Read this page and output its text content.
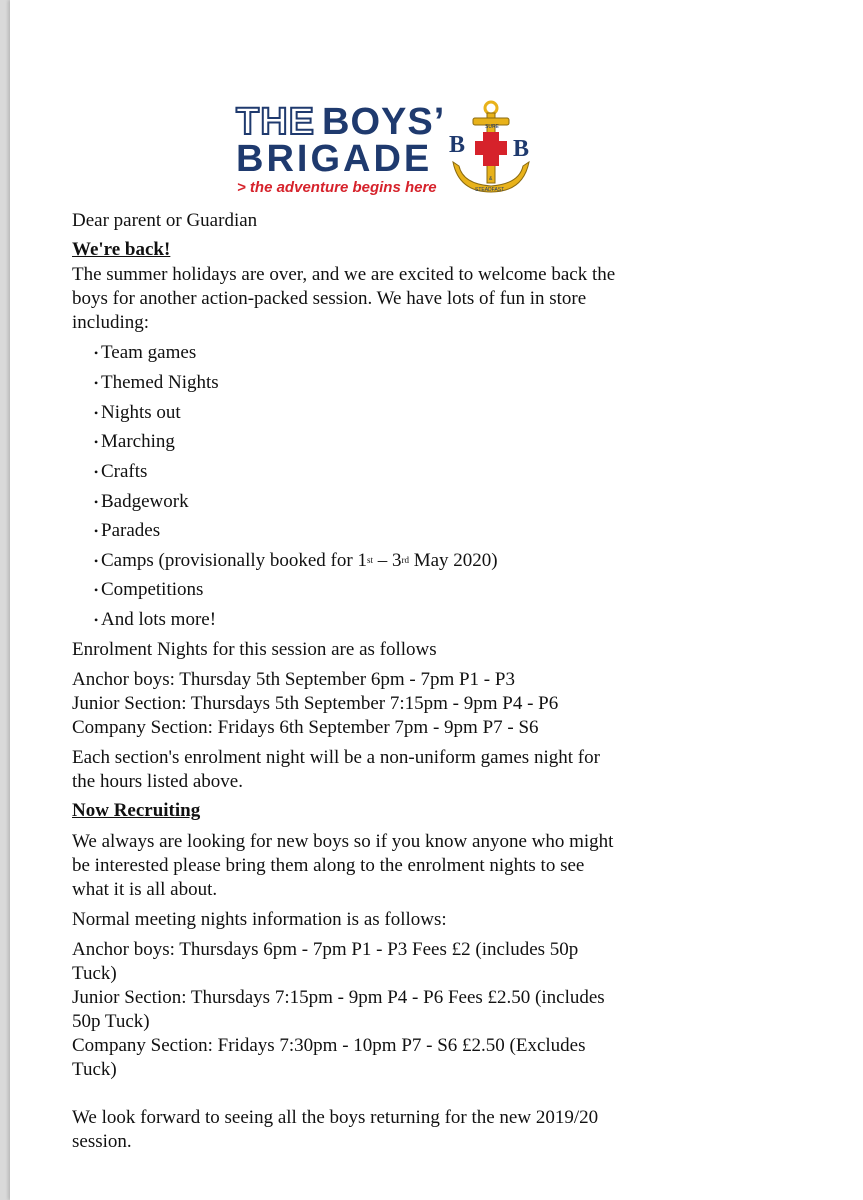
THE BOYS’
BRIGADE
> the adventure begins here
B B
SURE
&
STEADFAST
Dear parent or Guardian
We're back!
The summer holidays are over, and we are excited to welcome back the
boys for another action-packed session. We have lots of fun in store
including:
• Team games
• Themed Nights
• Nights out
• Marching
• Crafts
• Badgework
• Parades
• Camps (provisionally booked for 1st – 3rd May 2020)
• Competitions
• And lots more!
Enrolment Nights for this session are as follows
Anchor boys: Thursday 5th September 6pm - 7pm P1 - P3
Junior Section: Thursdays 5th September 7:15pm - 9pm P4 - P6
Company Section: Fridays 6th September 7pm - 9pm P7 - S6
Each section's enrolment night will be a non-uniform games night for
the hours listed above.
Now Recruiting
We always are looking for new boys so if you know anyone who might
be interested please bring them along to the enrolment nights to see
what it is all about.
Normal meeting nights information is as follows:
Anchor boys: Thursdays 6pm - 7pm P1 - P3 Fees £2 (includes 50p
Tuck)
Junior Section: Thursdays 7:15pm - 9pm P4 - P6 Fees £2.50 (includes
50p Tuck)
Company Section: Fridays 7:30pm - 10pm P7 - S6 £2.50 (Excludes
Tuck)
We look forward to seeing all the boys returning for the new 2019/20
session.
